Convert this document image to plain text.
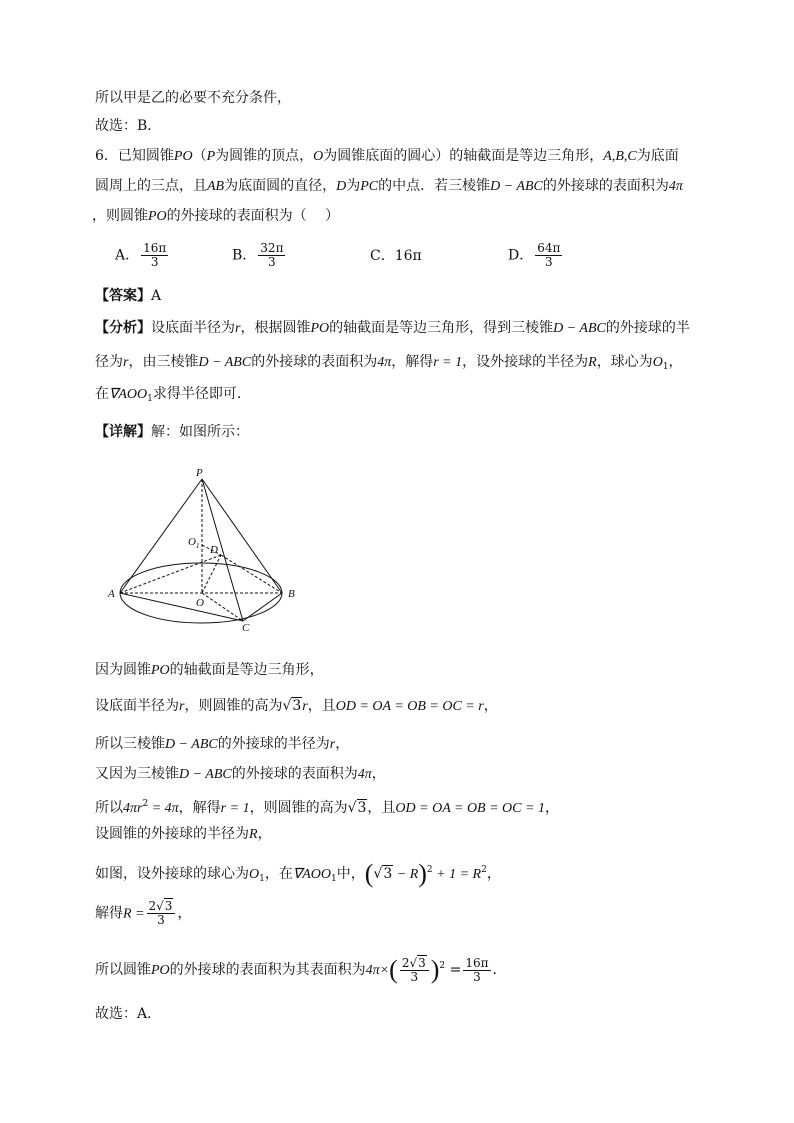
所以甲是乙的必要不充分条件，
故选：B．
6．已知圆锥PO（P为圆锥的顶点，O为圆锥底面的圆心）的轴截面是等边三角形，A,B,C为底面
圆周上的三点，且AB为底面圆的直径，D为PC的中点．若三棱锥D − ABC的外接球的表面积为4π
，则圆锥PO的外接球的表面积为（　 ）
A． $\frac{16\pi}{3}$	B． $\frac{32\pi}{3}$	C．16π	D． $\frac{64\pi}{3}$
【答案】A
【分析】设底面半径为r，根据圆锥PO的轴截面是等边三角形，得到三棱锥D − ABC的外接球的半
径为r，由三棱锥D − ABC的外接球的表面积为4π，解得r = 1，设外接球的半径为R，球心为$O_1$，
在$\nabla AOO_1$求得半径即可.
【详解】解：如图所示：
P
$O_1$ D
A
O
B
C
因为圆锥PO的轴截面是等边三角形，
设底面半径为r，则圆锥的高为√3r，且OD = OA = OB = OC = r，
所以三棱锥D − ABC的外接球的半径为r，
又因为三棱锥D − ABC的外接球的表面积为4π，
所以$4\pi r^2 = 4\pi$，解得r = 1，则圆锥的高为√3，且OD = OA = OB = OC = 1，
设圆锥的外接球的半径为R，
如图，设外接球的球心为$O_1$，在$\nabla AOO_1$中，$(√3 - R)^2 + 1 = R^2$，
解得$R = \frac{2√3}{3}$ ，
所以圆锥PO的外接球的表面积为其表面积为$4\pi\times( \frac{2√3}{3} )^2 = \frac{16\pi}{3}$ ．
故选：A．
